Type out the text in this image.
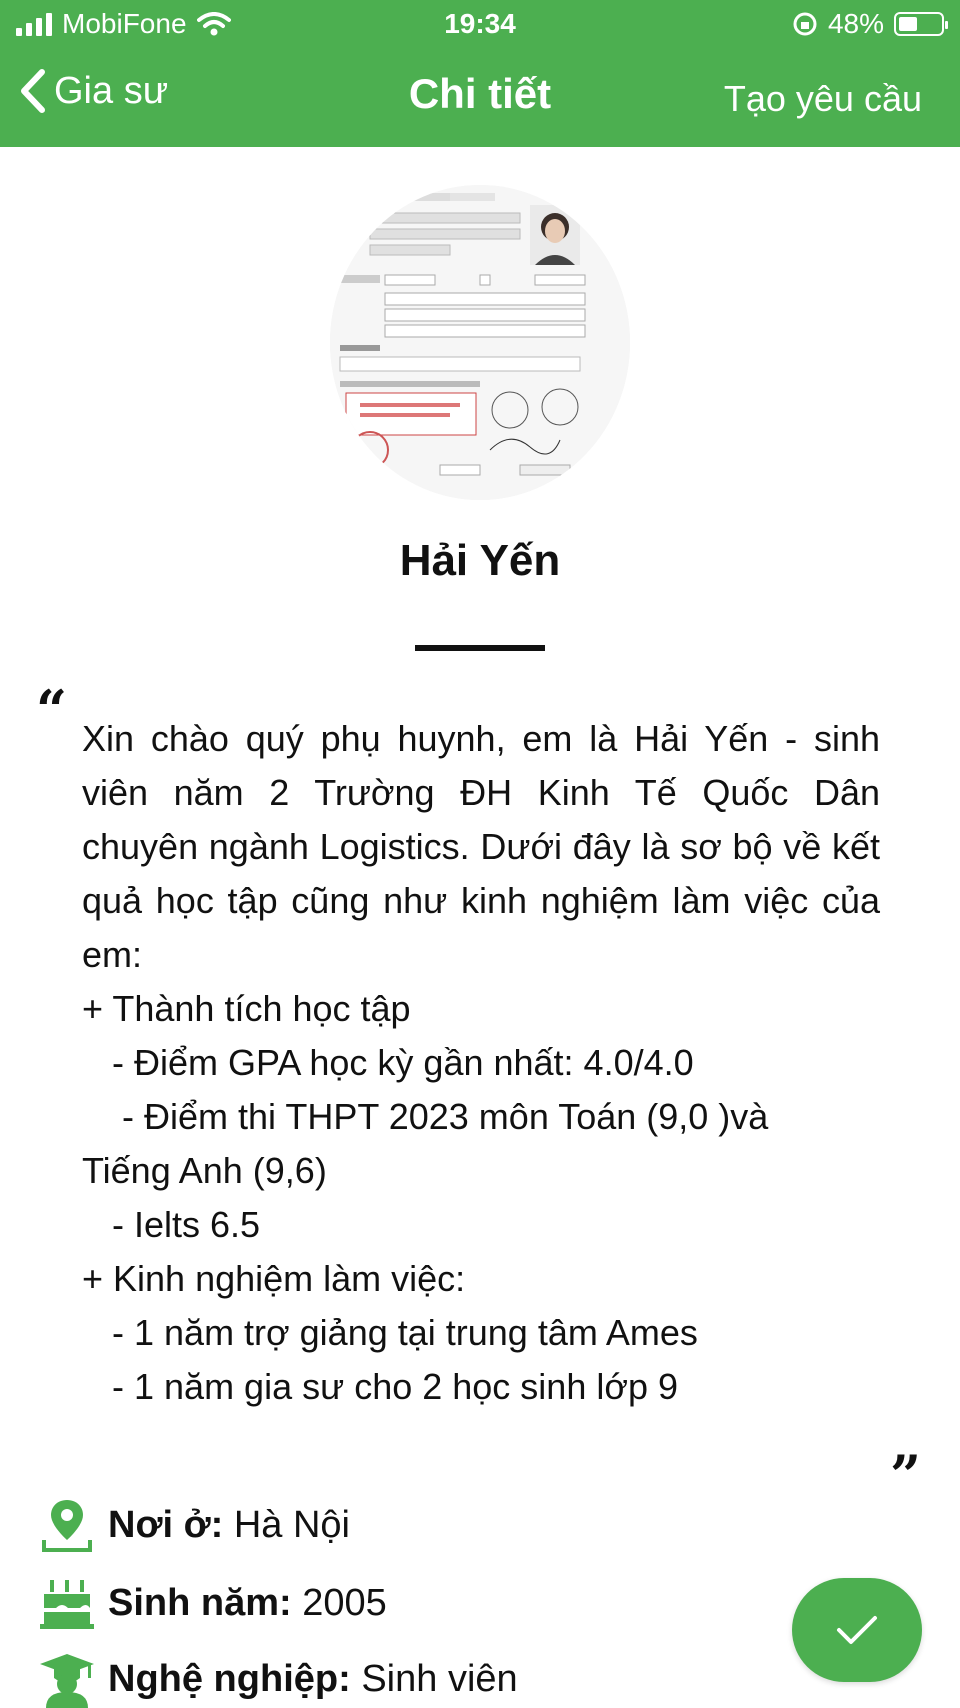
MobiFone	19:34	48%
Gia sư	Chi tiết	Tạo yêu cầu
Hải Yến
“ Xin chào quý phụ huynh, em là Hải Yến - sinh viên năm 2 Trường ĐH Kinh Tế Quốc Dân chuyên ngành Logistics. Dưới đây là sơ bộ về kết quả học tập cũng như kinh nghiệm làm việc của em:
+ Thành tích học tập
- Điểm GPA học kỳ gần nhất: 4.0/4.0
- Điểm thi THPT 2023 môn Toán (9,0 )và
Tiếng Anh (9,6)
- Ielts 6.5
+ Kinh nghiệm làm việc:
- 1 năm trợ giảng tại trung tâm Ames
- 1 năm gia sư cho 2 học sinh lớp 9
”
Nơi ở: Hà Nội
Sinh năm: 2005
Nghệ nghiệp: Sinh viên
